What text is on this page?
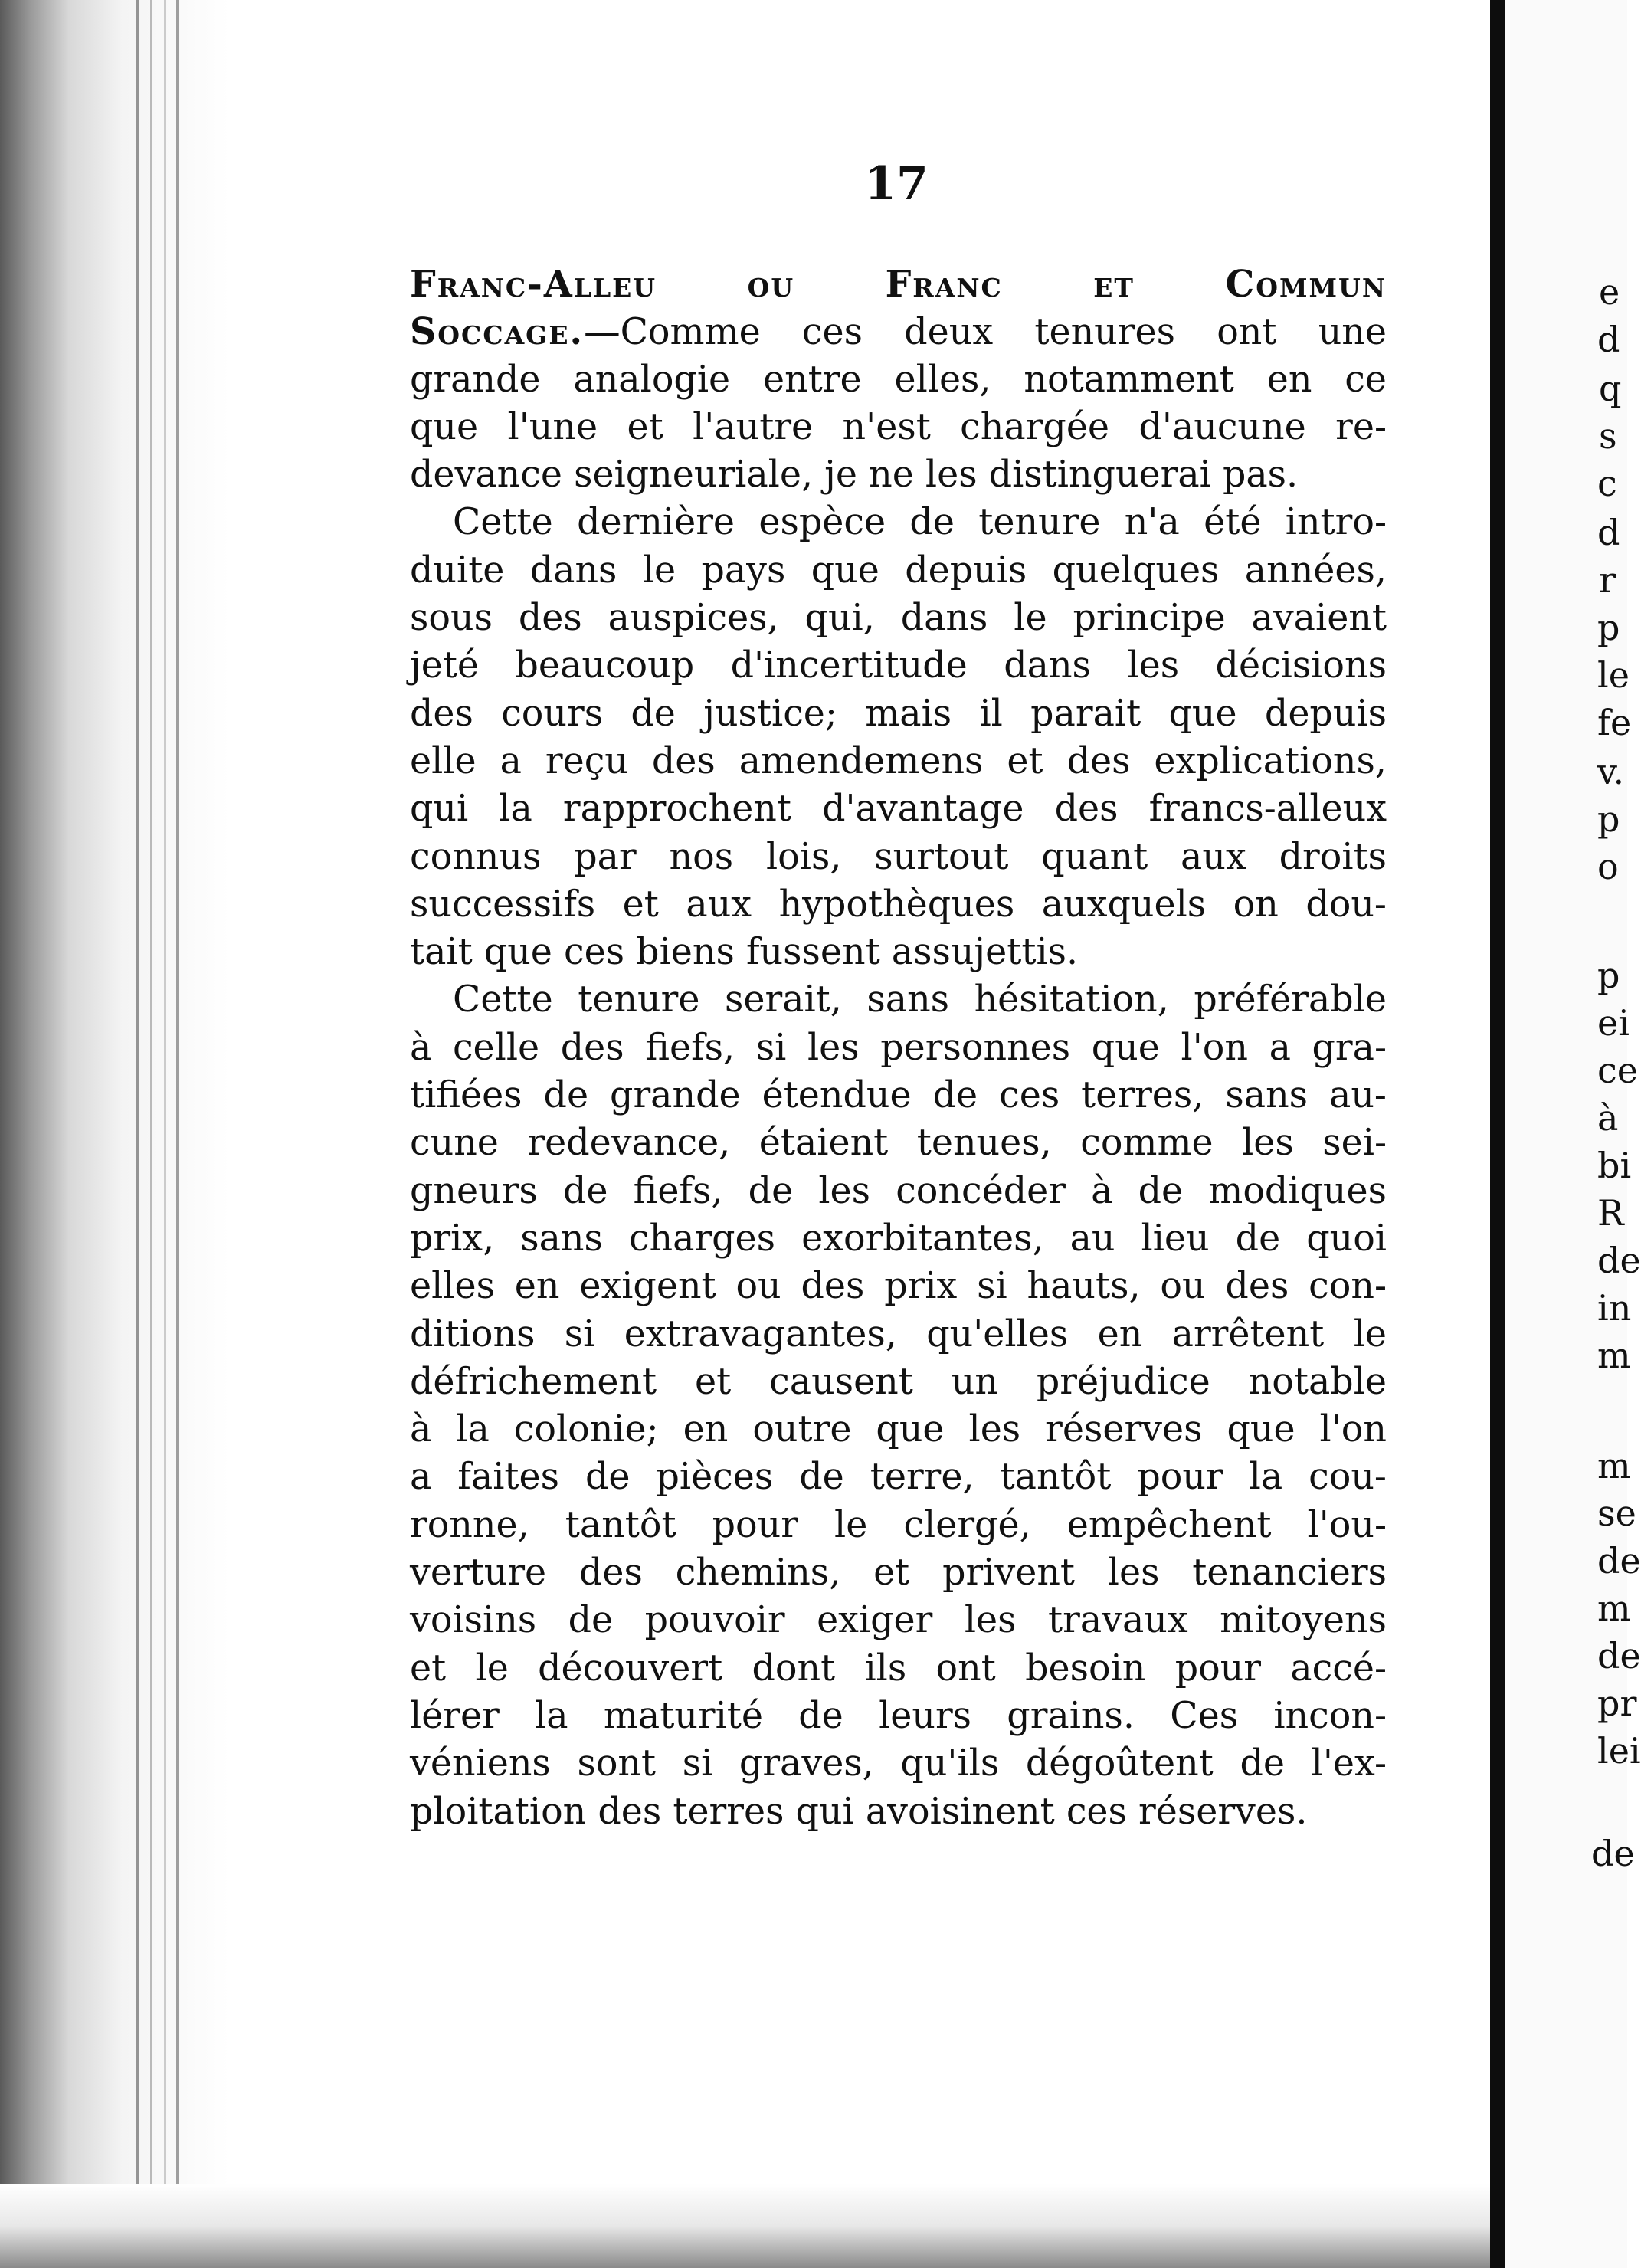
17
Franc-Alleu ou Franc et Commun
Soccage.—Comme ces deux tenures ont une
grande analogie entre elles, notamment en ce
que l'une et l'autre n'est chargée d'aucune re-
devance seigneuriale, je ne les distinguerai pas.
Cette dernière espèce de tenure n'a été intro-
duite dans le pays que depuis quelques années,
sous des auspices, qui, dans le principe avaient
jeté beaucoup d'incertitude dans les décisions
des cours de justice; mais il parait que depuis
elle a reçu des amendemens et des explications,
qui la rapprochent d'avantage des francs-alleux
connus par nos lois, surtout quant aux droits
successifs et aux hypothèques auxquels on dou-
tait que ces biens fussent assujettis.
Cette tenure serait, sans hésitation, préférable
à celle des fiefs, si les personnes que l'on a gra-
tifiées de grande étendue de ces terres, sans au-
cune redevance, étaient tenues, comme les sei-
gneurs de fiefs, de les concéder à de modiques
prix, sans charges exorbitantes, au lieu de quoi
elles en exigent ou des prix si hauts, ou des con-
ditions si extravagantes, qu'elles en arrêtent le
défrichement et causent un préjudice notable
à la colonie; en outre que les réserves que l'on
a faites de pièces de terre, tantôt pour la cou-
ronne, tantôt pour le clergé, empêchent l'ou-
verture des chemins, et privent les tenanciers
voisins de pouvoir exiger les travaux mitoyens
et le découvert dont ils ont besoin pour accé-
lérer la maturité de leurs grains. Ces incon-
véniens sont si graves, qu'ils dégoûtent de l'ex-
ploitation des terres qui avoisinent ces réserves.
e
d
q
s
c
d
r
p
le
fe
v.
p
o
p
ei
ce
à
bi
R
de
in
m
m
se
de
m
de
pr
lei
de
